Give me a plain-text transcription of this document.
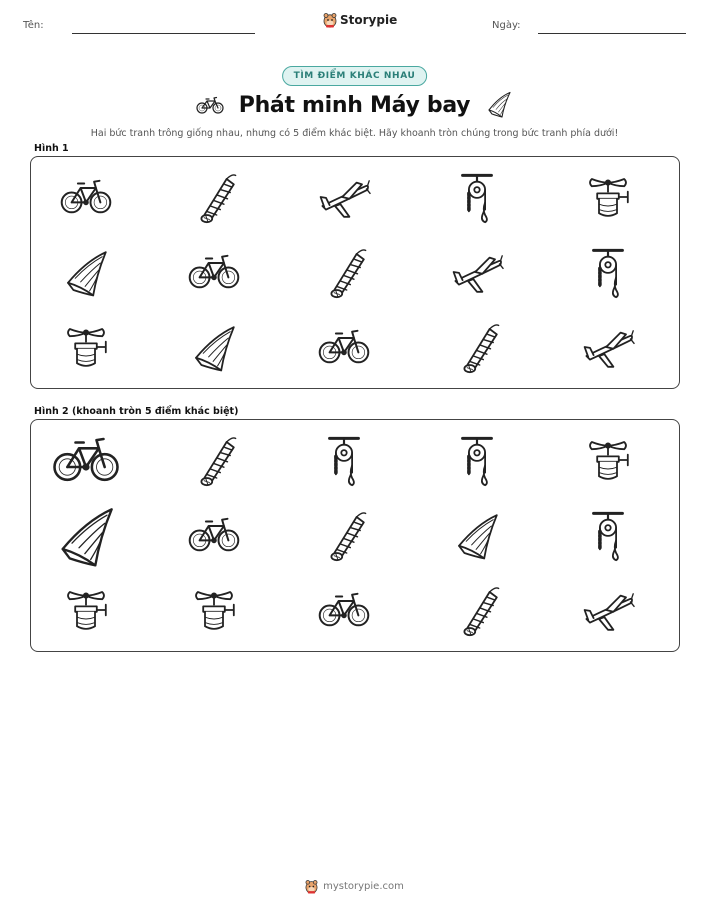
Tên:	Storypie	Ngày:
TÌM ĐIỂM KHÁC NHAU
Phát minh Máy bay
Hai bức tranh trông giống nhau, nhưng có 5 điểm khác biệt. Hãy khoanh tròn chúng trong bức tranh phía dưới!
Hình 1
Hình 2 (khoanh tròn 5 điểm khác biệt)
mystorypie.com
